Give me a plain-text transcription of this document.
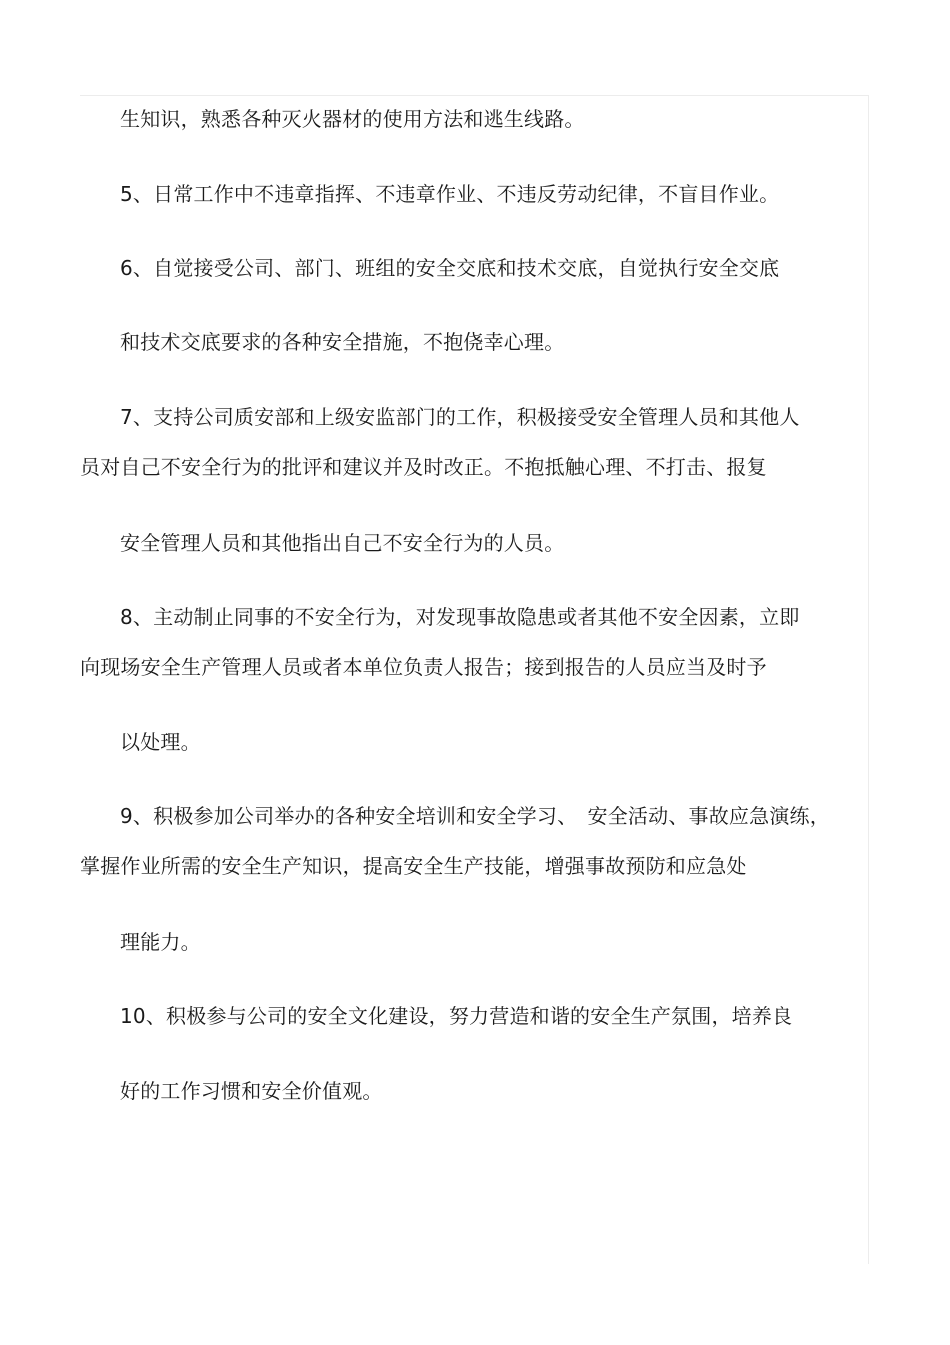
生知识，熟悉各种灭火器材的使用方法和逃生线路。
5、日常工作中不违章指挥、不违章作业、不违反劳动纪律，不盲目作业。
6、自觉接受公司、部门、班组的安全交底和技术交底，自觉执行安全交底
和技术交底要求的各种安全措施，不抱侥幸心理。
7、支持公司质安部和上级安监部门的工作，积极接受安全管理人员和其他人
员对自己不安全行为的批评和建议并及时改正。不抱抵触心理、不打击、报复
安全管理人员和其他指出自己不安全行为的人员。
8、主动制止同事的不安全行为，对发现事故隐患或者其他不安全因素，立即
向现场安全生产管理人员或者本单位负责人报告；接到报告的人员应当及时予
以处理。
9、积极参加公司举办的各种安全培训和安全学习、　安全活动、事故应急演练，
掌握作业所需的安全生产知识，提高安全生产技能，增强事故预防和应急处
理能力。
10、积极参与公司的安全文化建设，努力营造和谐的安全生产氛围，培养良
好的工作习惯和安全价值观。
